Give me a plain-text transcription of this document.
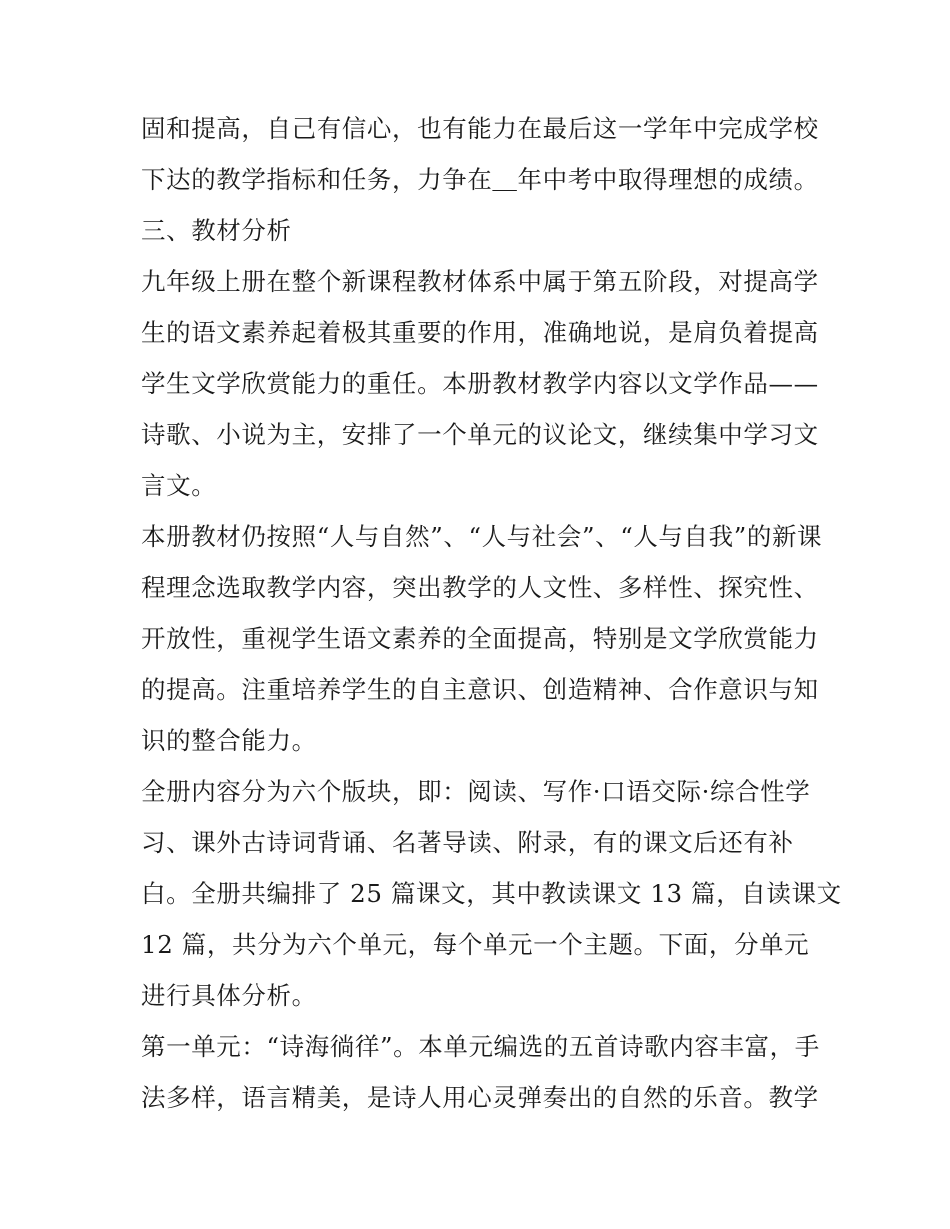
固和提高，自己有信心，也有能力在最后这一学年中完成学校
下达的教学指标和任务，力争在＿年中考中取得理想的成绩。
三、教材分析
九年级上册在整个新课程教材体系中属于第五阶段，对提高学
生的语文素养起着极其重要的作用，准确地说，是肩负着提高
学生文学欣赏能力的重任。本册教材教学内容以文学作品——
诗歌、小说为主，安排了一个单元的议论文，继续集中学习文
言文。
本册教材仍按照“人与自然”、“人与社会”、“人与自我”的新课
程理念选取教学内容，突出教学的人文性、多样性、探究性、
开放性，重视学生语文素养的全面提高，特别是文学欣赏能力
的提高。注重培养学生的自主意识、创造精神、合作意识与知
识的整合能力。
全册内容分为六个版块，即：阅读、写作·口语交际·综合性学
习、课外古诗词背诵、名著导读、附录，有的课文后还有补
白。全册共编排了 25 篇课文，其中教读课文 13 篇，自读课文
12 篇，共分为六个单元，每个单元一个主题。下面，分单元
进行具体分析。
第一单元：“诗海徜徉”。本单元编选的五首诗歌内容丰富，手
法多样，语言精美，是诗人用心灵弹奏出的自然的乐音。教学
